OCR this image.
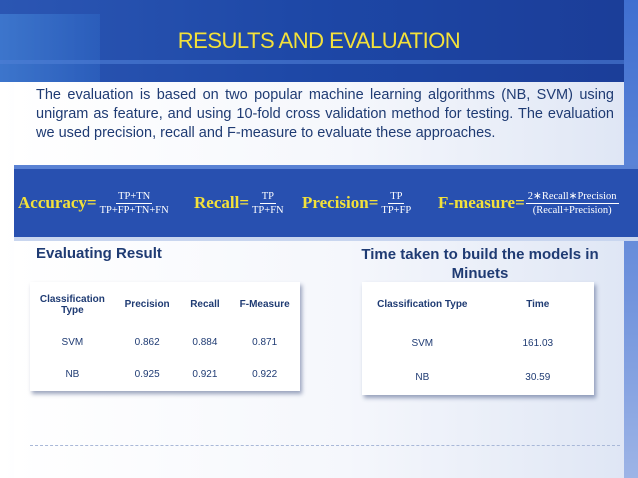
RESULTS AND EVALUATION

The evaluation is based on two popular machine learning algorithms (NB, SVM) using unigram as feature, and using 10-fold cross validation method for testing. The evaluation we used precision, recall and F-measure to evaluate these approaches.

Accuracy= $\frac{TP+TN}{TP+FP+TN+FN}$ Recall= $\frac{TP}{TP+FN}$ Precision= $\frac{TP}{TP+FP}$ F-measure= $\frac{\text{2∗Recall∗Precision}}{\text{(Recall+Precision)}}$
Evaluating Result	Time taken to build the models in Minuets
Classification Type	Precision	Recall	F-Measure
SVM	0.862	0.884	0.871
NB	0.925	0.921	0.922
Classification Type	Time
SVM	161.03
NB	30.59
